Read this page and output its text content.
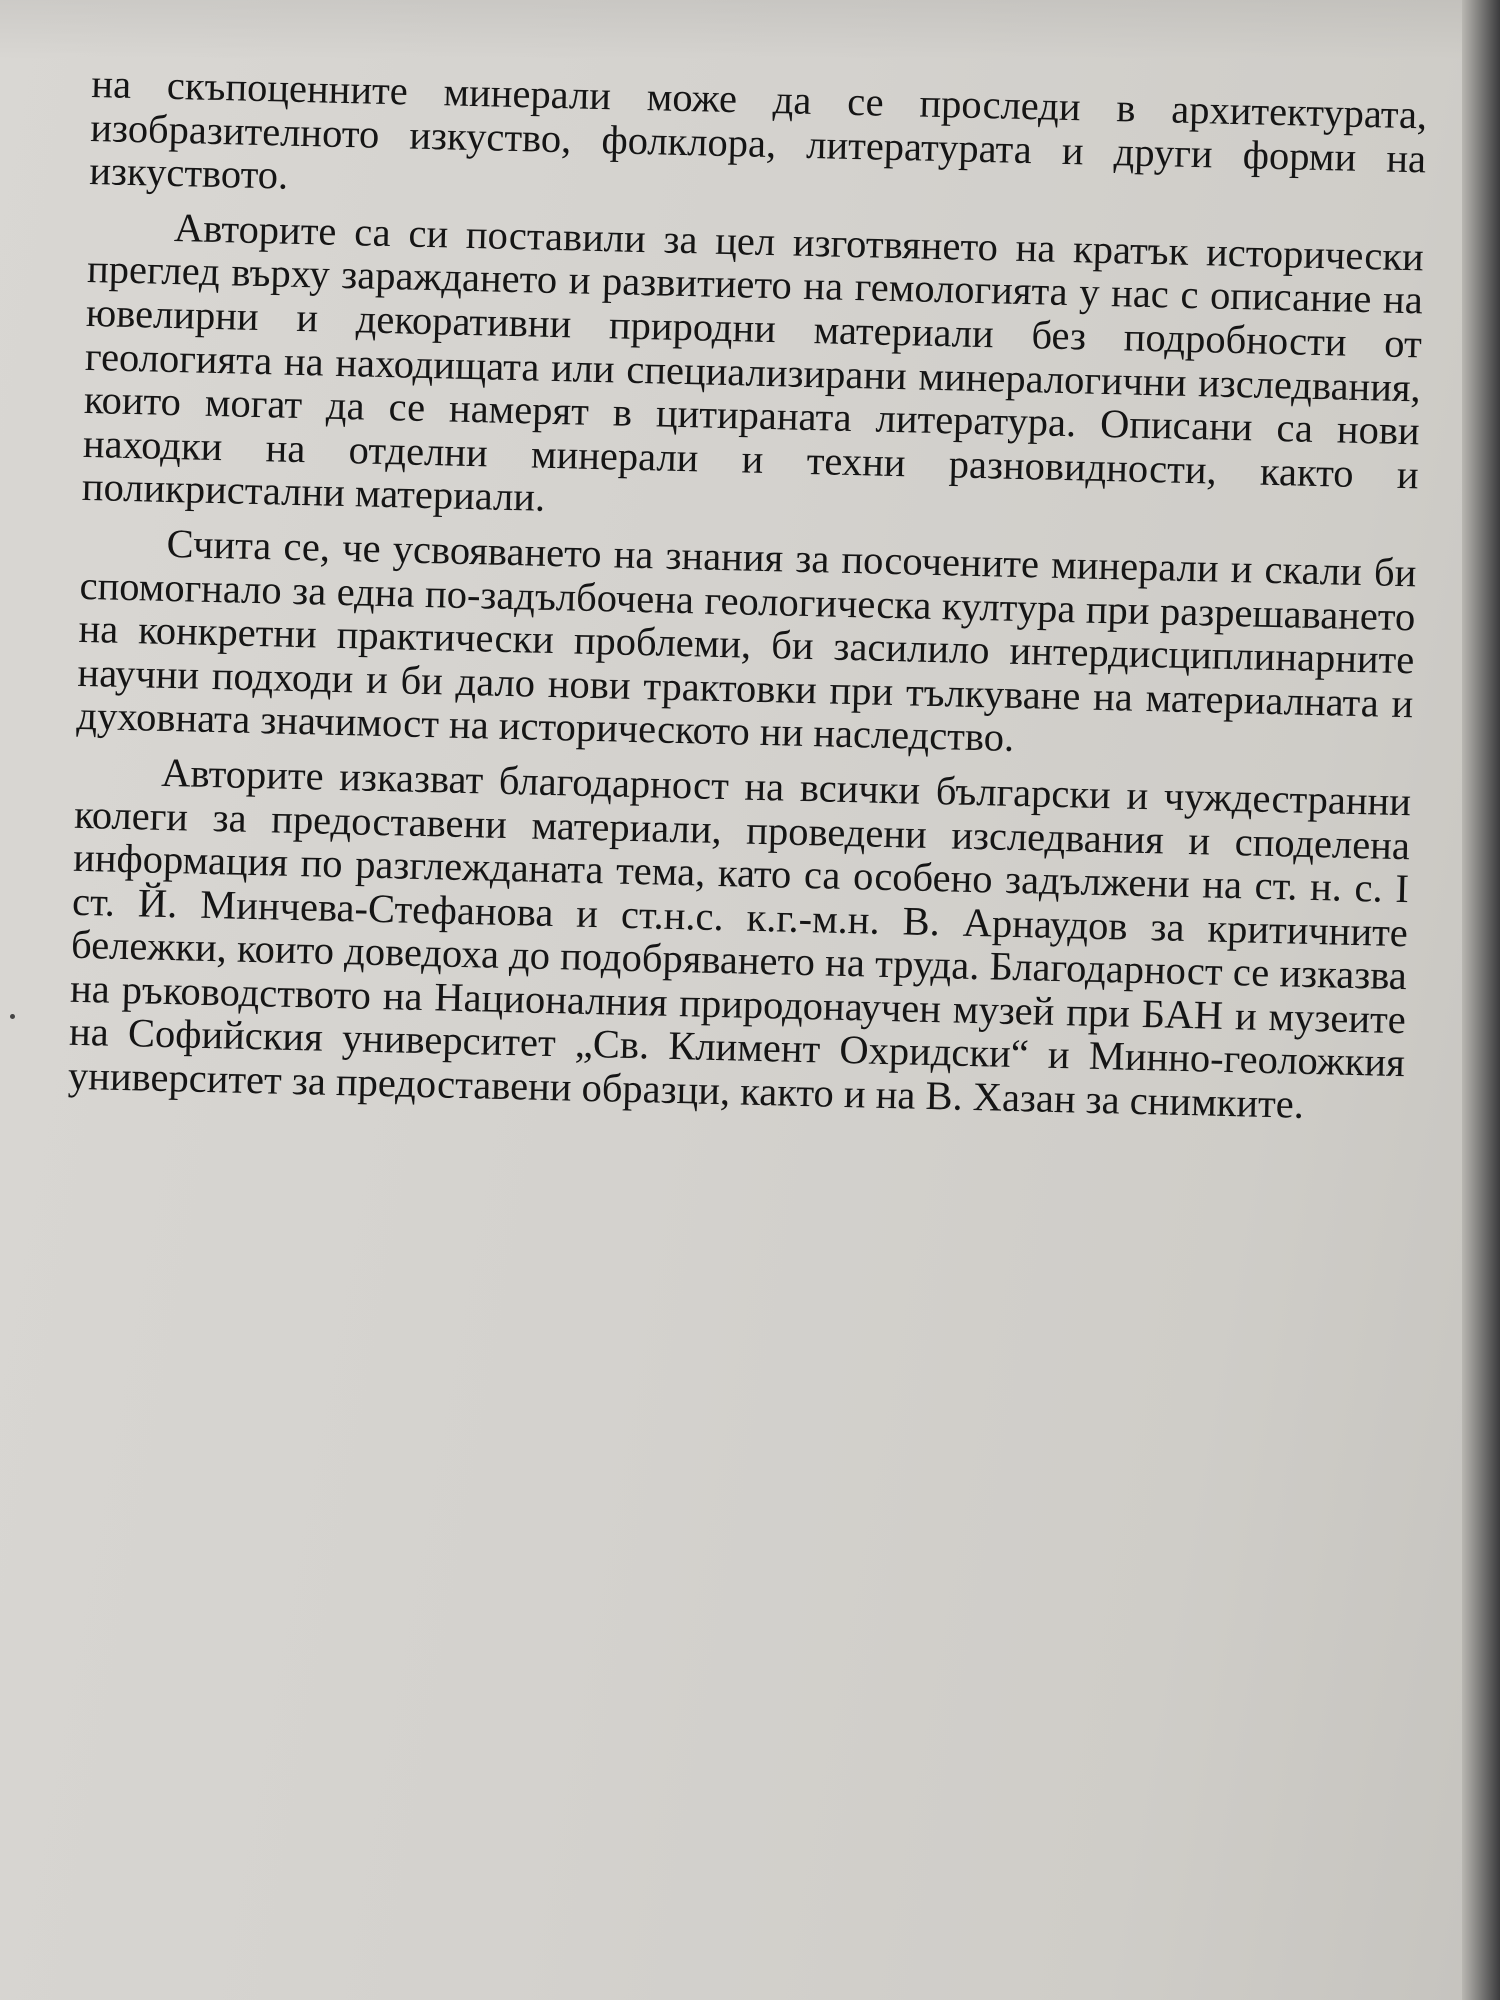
на скъпоценните минерали може да се проследи в архитектурата, изобразителното изкуство, фолклора, литературата и други форми на изкуството.

Авторите са си поставили за цел изготвянето на кратък исторически преглед върху зараждането и развитието на гемологията у нас с описание на ювелирни и декоративни природни материали без подробности от геологията на находищата или специализирани минералогични изследвания, които могат да се намерят в цитираната литература. Описани са нови находки на отделни минерали и техни разновидности, както и поликристални материали.

Счита се, че усвояването на знания за посочените минерали и скали би спомогнало за една по-задълбочена геологическа култура при разрешаването на конкретни практически проблеми, би засилило интердисциплинарните научни подходи и би дало нови трактовки при тълкуване на материалната и духовната значимост на историческото ни наследство.

Авторите изказват благодарност на всички български и чуждестранни колеги за предоставени материали, проведени изследвания и споделена информация по разглежданата тема, като са особено задължени на ст. н. с. I ст. Й. Минчева-Стефанова и ст.н.с. к.г.-м.н. В. Арнаудов за критичните бележки, които доведоха до подобряването на труда. Благодарност се изказва на ръководството на Националния природонаучен музей при БАН и музеите на Софийския университет „Св. Климент Охридски“ и Минно-геоложкия университет за предоставени образци, както и на В. Хазан за снимките.
